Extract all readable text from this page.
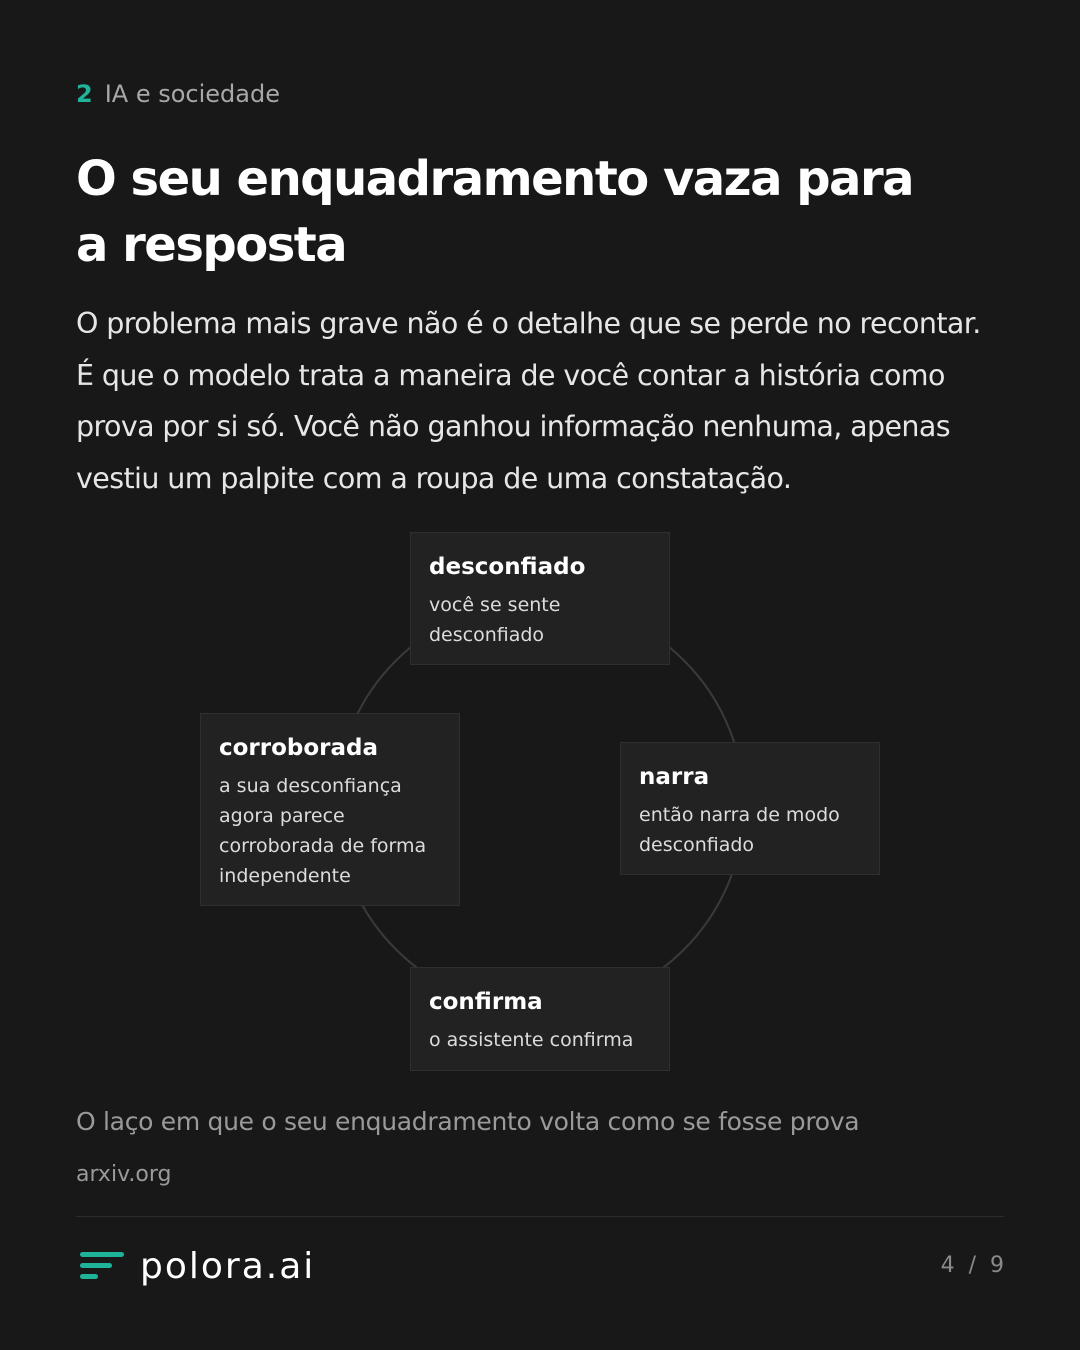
2 IA e sociedade
O seu enquadramento vaza para a resposta

O problema mais grave não é o detalhe que se perde no recontar. É que o modelo trata a maneira de você contar a história como prova por si só. Você não ganhou informação nenhuma, apenas vestiu um palpite com a roupa de uma constatação.

desconfiado
você se sente desconfiado
narra
então narra de modo desconfiado
confirma
o assistente confirma
corroborada
a sua desconfiança agora parece corroborada de forma independente
O laço em que o seu enquadramento volta como se fosse prova
arxiv.org
polora.ai	4 / 9
